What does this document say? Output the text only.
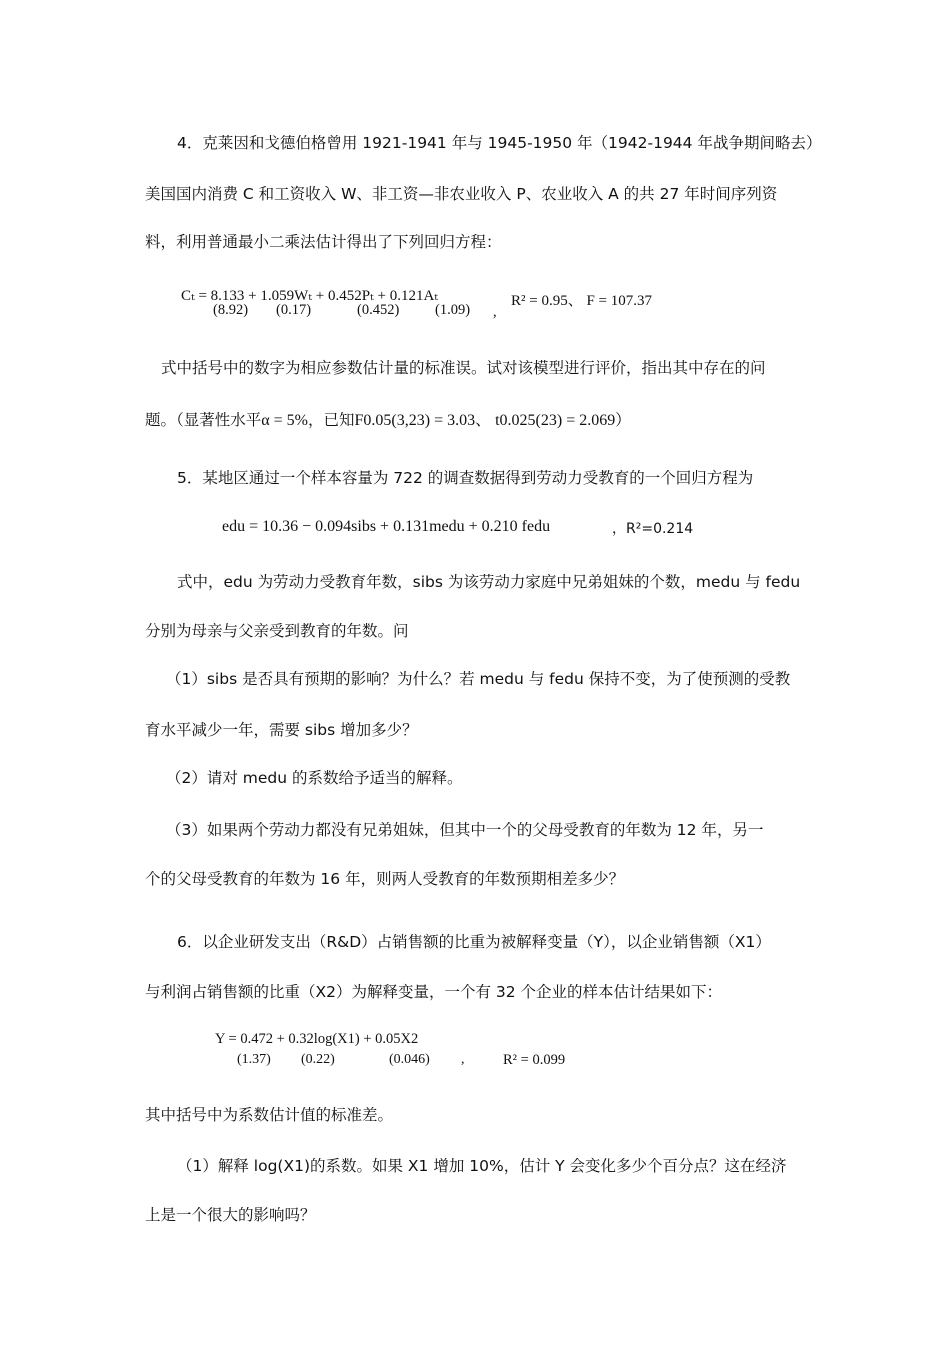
4．克莱因和戈德伯格曾用 1921-1941 年与 1945-1950 年（1942-1944 年战争期间略去）
美国国内消费 C 和工资收入 W、非工资—非农业收入 P、农业收入 A 的共 27 年时间序列资
料，利用普通最小二乘法估计得出了下列回归方程：
Cₜ = 8.133 + 1.059Wₜ + 0.452Pₜ + 0.121Aₜ
(8.92) (0.17)	(0.452) (1.09) ,
R² = 0.95、 F = 107.37
式中括号中的数字为相应参数估计量的标准误。试对该模型进行评价，指出其中存在的问
题。（显著性水平α = 5%，已知F0.05(3,23) = 3.03、 t0.025(23) = 2.069）
5．某地区通过一个样本容量为 722 的调查数据得到劳动力受教育的一个回归方程为
edu = 10.36 − 0.094sibs + 0.131medu + 0.210 fedu	，R²=0.214
式中，edu 为劳动力受教育年数，sibs 为该劳动力家庭中兄弟姐妹的个数，medu 与 fedu
分别为母亲与父亲受到教育的年数。问
（1）sibs 是否具有预期的影响？为什么？若 medu 与 fedu 保持不变，为了使预测的受教
育水平减少一年，需要 sibs 增加多少？
（2）请对 medu 的系数给予适当的解释。
（3）如果两个劳动力都没有兄弟姐妹，但其中一个的父母受教育的年数为 12 年，另一
个的父母受教育的年数为 16 年，则两人受教育的年数预期相差多少？
6．以企业研发支出（R&D）占销售额的比重为被解释变量（Y），以企业销售额（X1）
与利润占销售额的比重（X2）为解释变量，一个有 32 个企业的样本估计结果如下：
Y = 0.472 + 0.32log(X1) + 0.05X2
(1.37) (0.22)	(0.046) ,	R² = 0.099
其中括号中为系数估计值的标准差。
（1）解释 log(X1)的系数。如果 X1 增加 10%，估计 Y 会变化多少个百分点？这在经济
上是一个很大的影响吗？
